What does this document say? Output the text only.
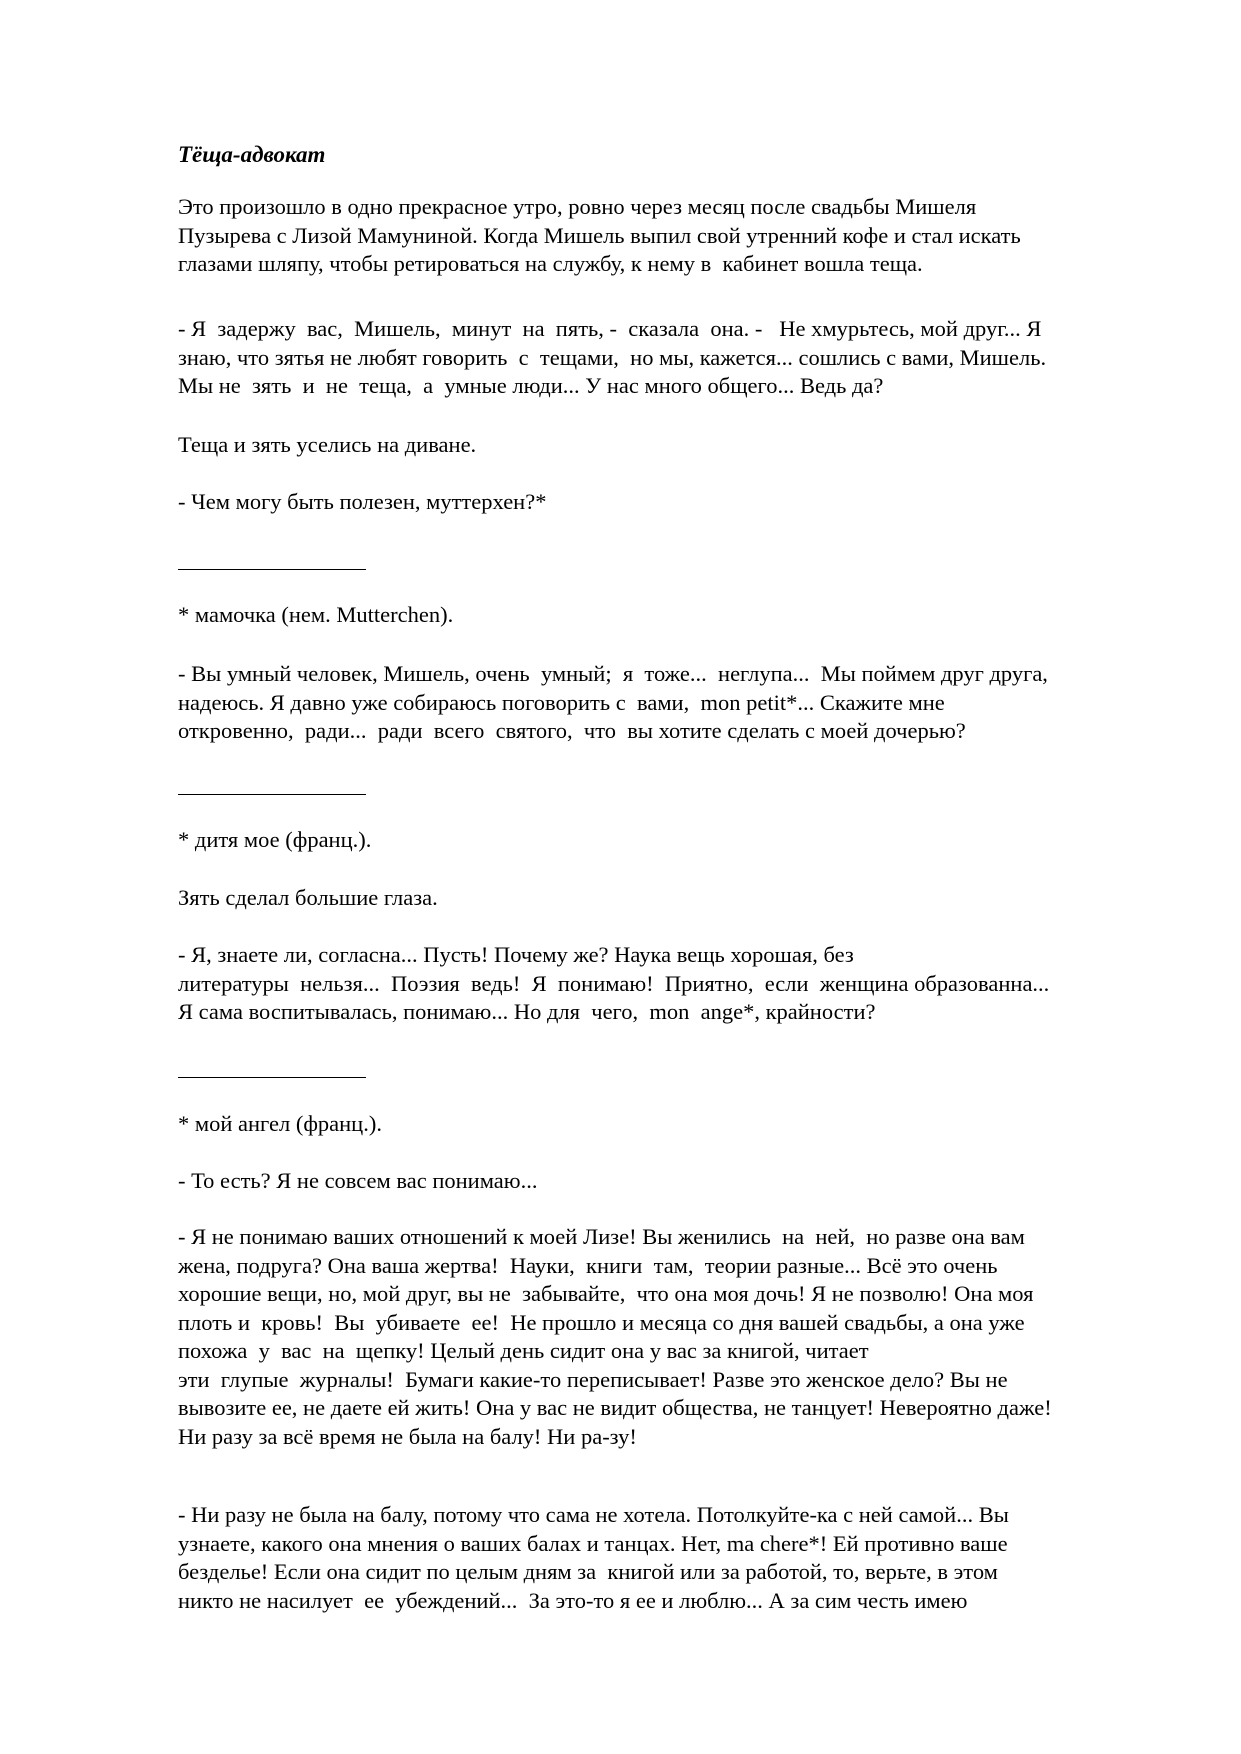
Тёща-адвокат

Это произошло в одно прекрасное утро, ровно через месяц после свадьбы Мишеля
Пузырева с Лизой Мамуниной. Когда Мишель выпил свой утренний кофе и стал искать
глазами шляпу, чтобы ретироваться на службу, к нему в  кабинет вошла теща.

- Я  задержу  вас,  Мишель,  минут  на  пять, -  сказала  она. -   Не хмурьтесь, мой друг... Я
знаю, что зятья не любят говорить  с  тещами,  но мы, кажется... сошлись с вами, Мишель.
Мы не  зять  и  не  теща,  а  умные люди... У нас много общего... Ведь да?

Теща и зять уселись на диване.

- Чем могу быть полезен, муттерхен?*

* мамочка (нем. Mutterchen).

- Вы умный человек, Мишель, очень  умный;  я  тоже...  неглупа...  Мы поймем друг друга,
надеюсь. Я давно уже собираюсь поговорить с  вами,  mon petit*... Скажите мне
откровенно,  ради...  ради  всего  святого,  что  вы хотите сделать с моей дочерью?

* дитя мое (франц.).

Зять сделал большие глаза.

- Я, знаете ли, согласна... Пусть! Почему же? Наука вещь хорошая, без
литературы  нельзя...  Поэзия  ведь!  Я  понимаю!  Приятно,  если  женщина образованна...
Я сама воспитывалась, понимаю... Но для  чего,  mon  ange*, крайности?

* мой ангел (франц.).

- То есть? Я не совсем вас понимаю...

- Я не понимаю ваших отношений к моей Лизе! Вы женились  на  ней,  но разве она вам
жена, подруга? Она ваша жертва!  Науки,  книги  там,  теории разные... Всё это очень
хорошие вещи, но, мой друг, вы не  забывайте,  что она моя дочь! Я не позволю! Она моя
плоть и  кровь!  Вы  убиваете  ее!  Не прошло и месяца со дня вашей свадьбы, а она уже
похожа  у  вас  на  щепку! Целый день сидит она у вас за книгой, читает
эти  глупые  журналы!  Бумаги какие-то переписывает! Разве это женское дело? Вы не
вывозите ее, не даете ей жить! Она у вас не видит общества, не танцует! Невероятно даже!
Ни разу за всё время не была на балу! Ни ра-зу!

- Ни разу не была на балу, потому что сама не хотела. Потолкуйте-ка с ней самой... Вы
узнаете, какого она мнения о ваших балах и танцах. Нет, ma chere*! Ей противно ваше
безделье! Если она сидит по целым дням за  книгой или за работой, то, верьте, в этом
никто не насилует  ее  убеждений...  За это-то я ее и люблю... А за сим честь имею
